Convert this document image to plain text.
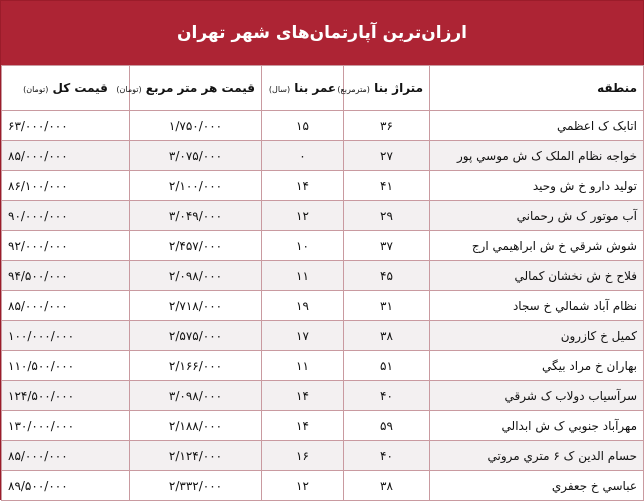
ارزان‌ترین آپارتمان‌های شهر تهران
منطقه	متراژ بنا (مترمربع)	عمر بنا (سال)	قیمت هر متر مربع (تومان)	قیمت کل (تومان)
اتابک ک اعظمي	۳۶	۱۵	۱/۷۵۰/۰۰۰	۶۳/۰۰۰/۰۰۰
خواجه نظام الملک ک ش موسي پور	۲۷	۰	۳/۰۷۵/۰۰۰	۸۵/۰۰۰/۰۰۰
تولید دارو خ ش وحید	۴۱	۱۴	۲/۱۰۰/۰۰۰	۸۶/۱۰۰/۰۰۰
آب موتور ک ش رحماني	۲۹	۱۲	۳/۰۴۹/۰۰۰	۹۰/۰۰۰/۰۰۰
شوش شرقي خ ش ابراهیمي ارج	۳۷	۱۰	۲/۴۵۷/۰۰۰	۹۲/۰۰۰/۰۰۰
فلاح خ ش نخشان کمالي	۴۵	۱۱	۲/۰۹۸/۰۰۰	۹۴/۵۰۰/۰۰۰
نظام آباد شمالي خ سجاد	۳۱	۱۹	۲/۷۱۸/۰۰۰	۸۵/۰۰۰/۰۰۰
کمیل خ کازرون	۳۸	۱۷	۲/۵۷۵/۰۰۰	۱۰۰/۰۰۰/۰۰۰
بهاران خ مراد بیگي	۵۱	۱۱	۲/۱۶۶/۰۰۰	۱۱۰/۵۰۰/۰۰۰
سرآسیاب دولاب ک شرقي	۴۰	۱۴	۳/۰۹۸/۰۰۰	۱۲۴/۵۰۰/۰۰۰
مهرآباد جنوبي ک ش ابدالي	۵۹	۱۴	۲/۱۸۸/۰۰۰	۱۳۰/۰۰۰/۰۰۰
حسام الدین ک ۶ متري مروتي	۴۰	۱۶	۲/۱۲۴/۰۰۰	۸۵/۰۰۰/۰۰۰
عباسي خ جعفري	۳۸	۱۲	۲/۳۳۲/۰۰۰	۸۹/۵۰۰/۰۰۰
